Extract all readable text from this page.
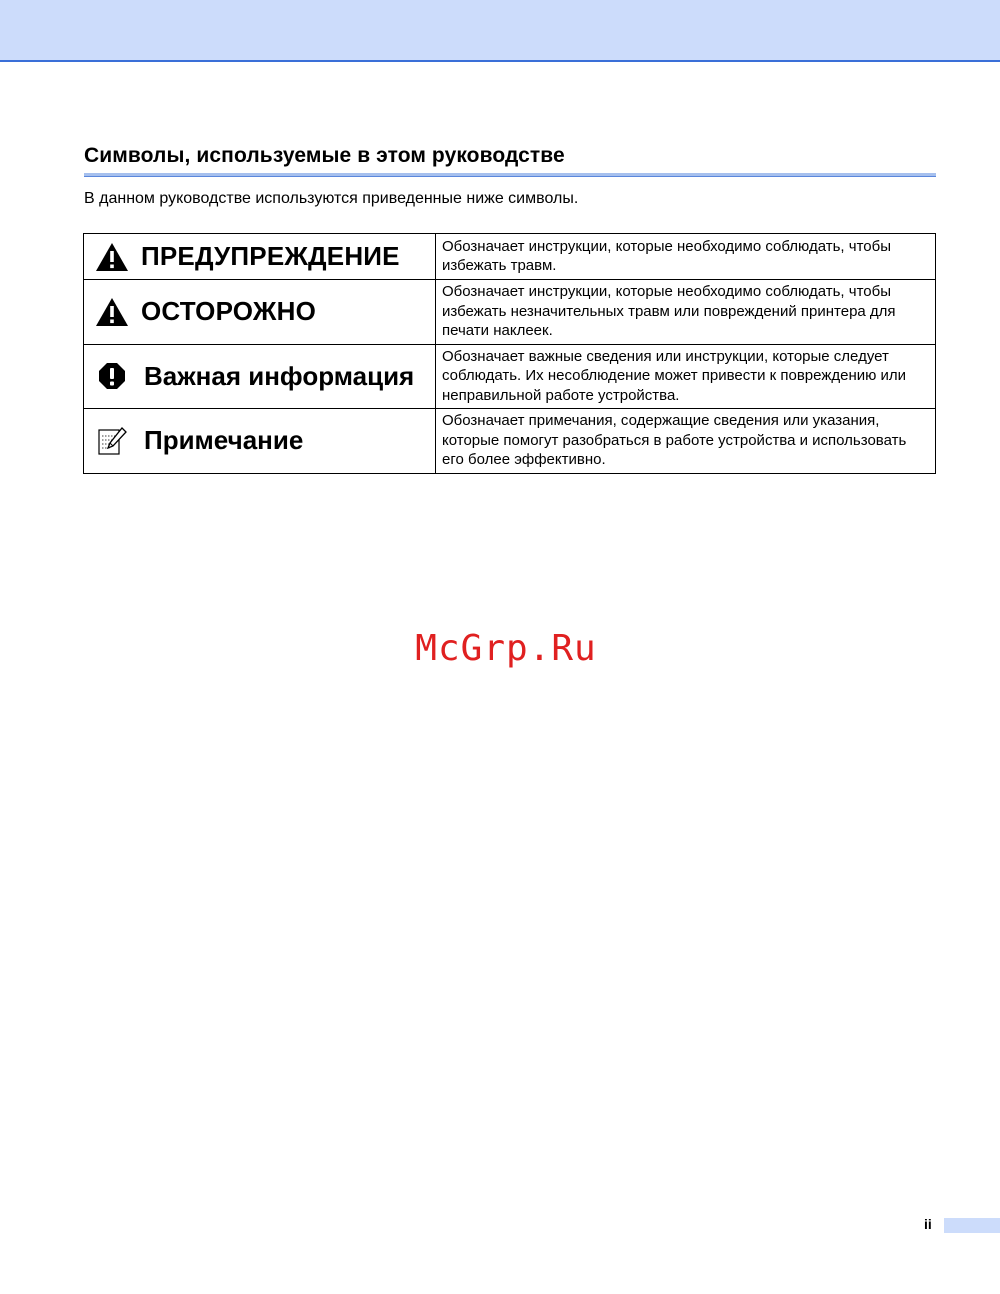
Символы, используемые в этом руководстве

В данном руководстве используются приведенные ниже символы.

ПРЕДУПРЕЖДЕНИЕ	Обозначает инструкции, которые необходимо соблюдать, чтобы избежать травм.

ОСТОРОЖНО	Обозначает инструкции, которые необходимо соблюдать, чтобы избежать незначительных травм или повреждений принтера для печати наклеек.

Важная информация	Обозначает важные сведения или инструкции, которые следует соблюдать. Их несоблюдение может привести к повреждению или неправильной работе устройства.

Примечание	Обозначает примечания, содержащие сведения или указания, которые помогут разобраться в работе устройства и использовать его более эффективно.
McGrp.Ru
ii
